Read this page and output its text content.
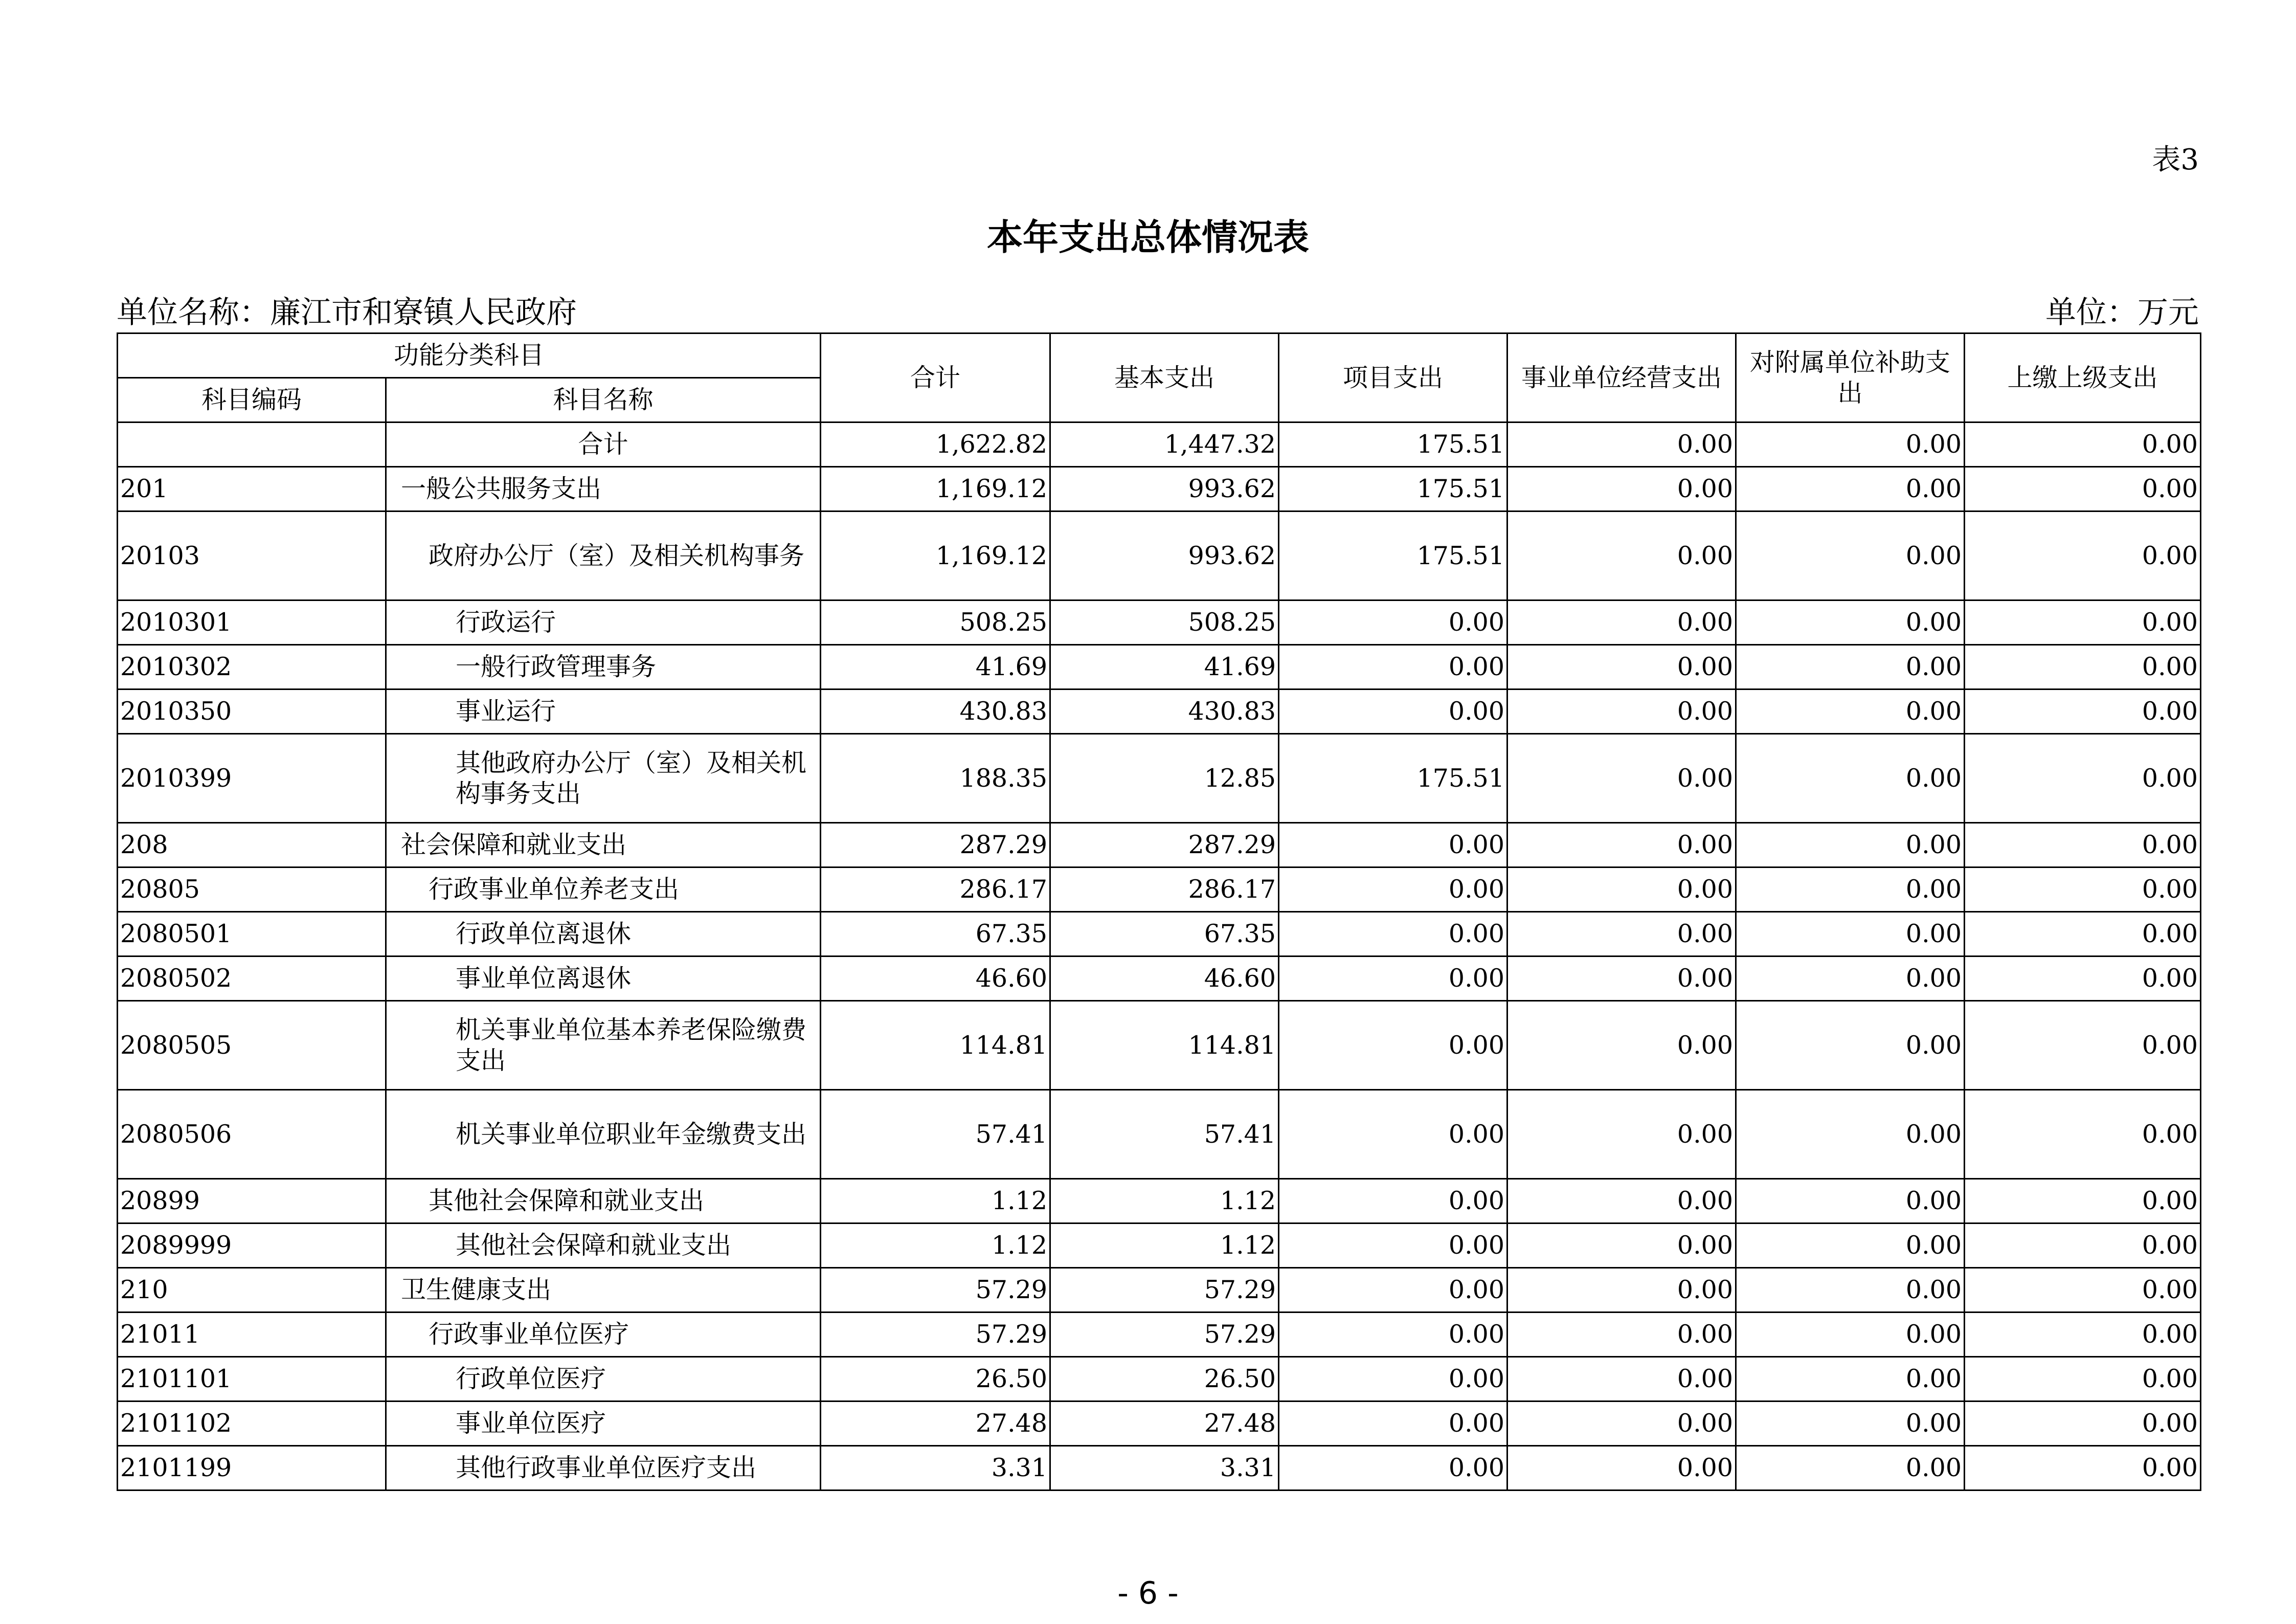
表3
本年支出总体情况表
单位名称：廉江市和寮镇人民政府	单位：万元
功能分类科目		合计	基本支出	项目支出	事业单位经营支出	对附属单位补助支出	上缴上级支出
科目编码	科目名称						
	合计	1,622.82	1,447.32	175.51	0.00	0.00	0.00
201	一般公共服务支出	1,169.12	993.62	175.51	0.00	0.00	0.00
20103	政府办公厅（室）及相关机构事务	1,169.12	993.62	175.51	0.00	0.00	0.00
2010301	行政运行	508.25	508.25	0.00	0.00	0.00	0.00
2010302	一般行政管理事务	41.69	41.69	0.00	0.00	0.00	0.00
2010350	事业运行	430.83	430.83	0.00	0.00	0.00	0.00
2010399	其他政府办公厅（室）及相关机构事务支出	188.35	12.85	175.51	0.00	0.00	0.00
208	社会保障和就业支出	287.29	287.29	0.00	0.00	0.00	0.00
20805	行政事业单位养老支出	286.17	286.17	0.00	0.00	0.00	0.00
2080501	行政单位离退休	67.35	67.35	0.00	0.00	0.00	0.00
2080502	事业单位离退休	46.60	46.60	0.00	0.00	0.00	0.00
2080505	机关事业单位基本养老保险缴费支出	114.81	114.81	0.00	0.00	0.00	0.00
2080506	机关事业单位职业年金缴费支出	57.41	57.41	0.00	0.00	0.00	0.00
20899	其他社会保障和就业支出	1.12	1.12	0.00	0.00	0.00	0.00
2089999	其他社会保障和就业支出	1.12	1.12	0.00	0.00	0.00	0.00
210	卫生健康支出	57.29	57.29	0.00	0.00	0.00	0.00
21011	行政事业单位医疗	57.29	57.29	0.00	0.00	0.00	0.00
2101101	行政单位医疗	26.50	26.50	0.00	0.00	0.00	0.00
2101102	事业单位医疗	27.48	27.48	0.00	0.00	0.00	0.00
2101199	其他行政事业单位医疗支出	3.31	3.31	0.00	0.00	0.00	0.00
- 6 -
